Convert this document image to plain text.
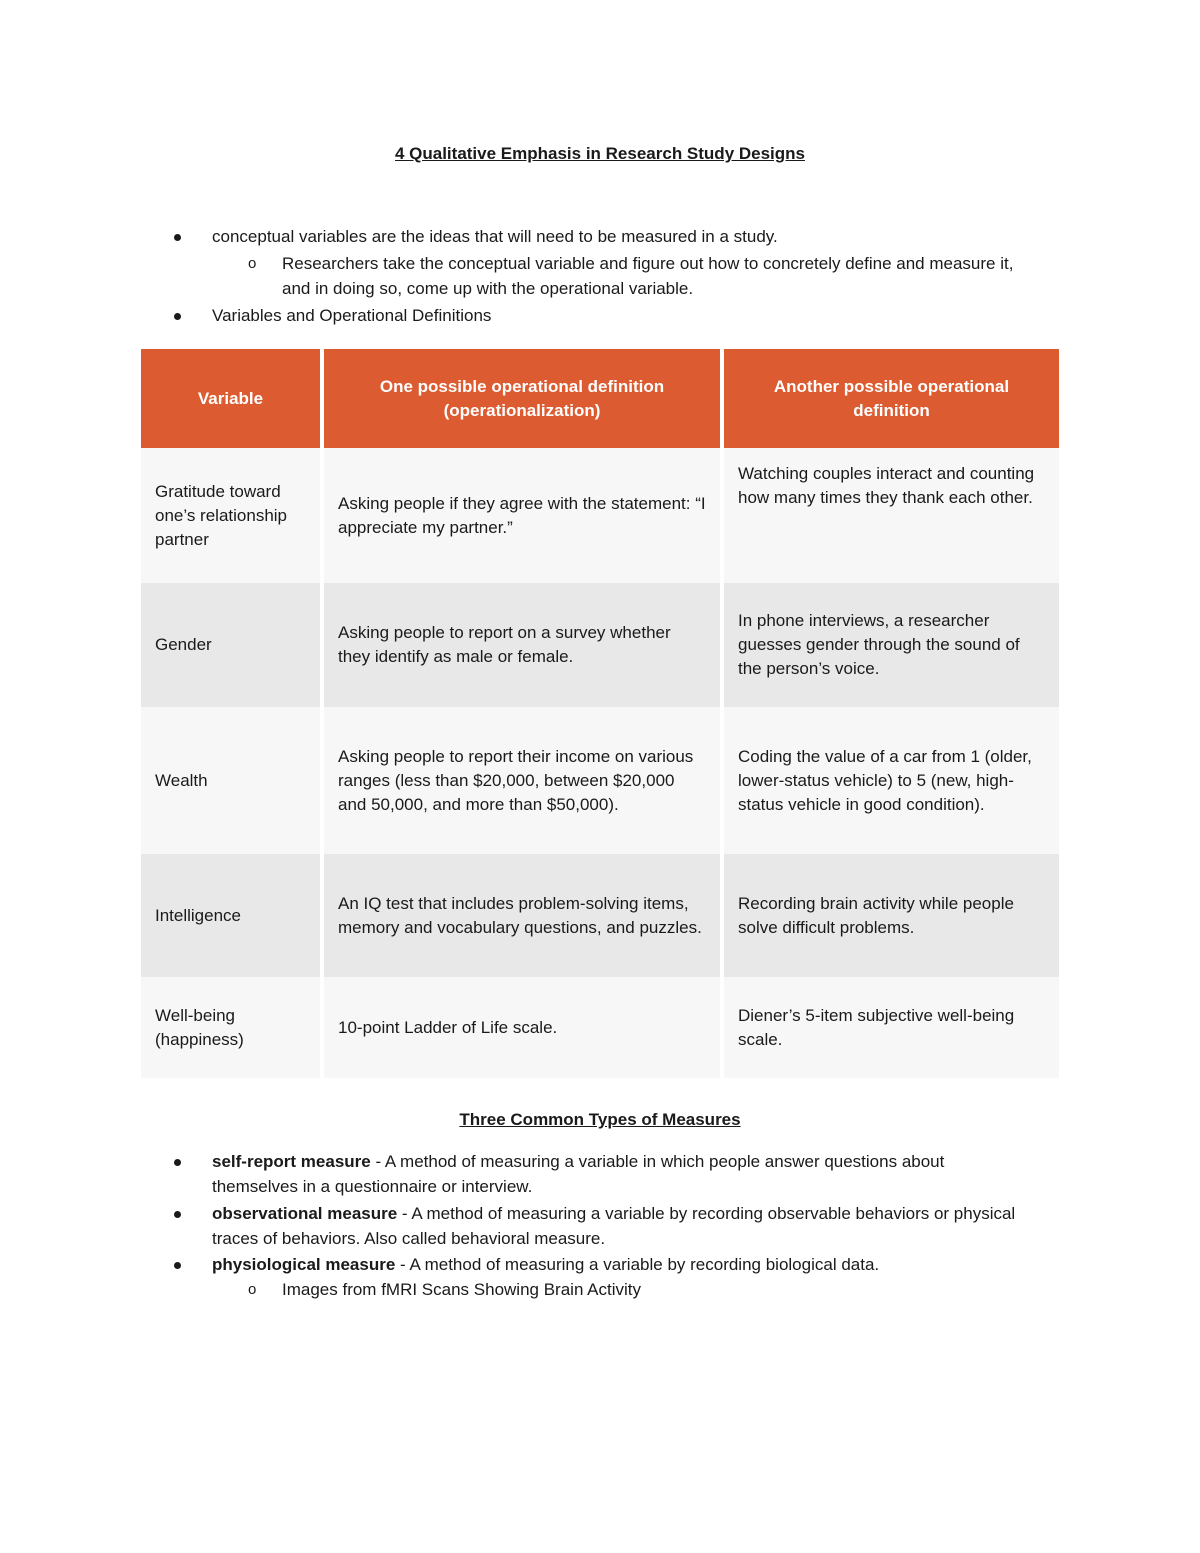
4 Qualitative Emphasis in Research Study Designs
conceptual variables are the ideas that will need to be measured in a study.
o Researchers take the conceptual variable and figure out how to concretely define and measure it,
and in doing so, come up with the operational variable.
Variables and Operational Definitions
Variable	One possible operational definition (operationalization)	Another possible operational definition
Gratitude toward one’s relationship partner	Asking people if they agree with the statement: “I appreciate my partner.”	Watching couples interact and counting how many times they thank each other.
Gender	Asking people to report on a survey whether they identify as male or female.	In phone interviews, a researcher guesses gender through the sound of the person’s voice.
Wealth	Asking people to report their income on various ranges (less than $20,000, between $20,000 and 50,000, and more than $50,000).	Coding the value of a car from 1 (older, lower-status vehicle) to 5 (new, high-status vehicle in good condition).
Intelligence	An IQ test that includes problem-solving items, memory and vocabulary questions, and puzzles.	Recording brain activity while people solve difficult problems.
Well-being (happiness)	10-point Ladder of Life scale.	Diener’s 5-item subjective well-being scale.
Three Common Types of Measures
self-report measure - A method of measuring a variable in which people answer questions about
themselves in a questionnaire or interview.
observational measure - A method of measuring a variable by recording observable behaviors or physical
traces of behaviors. Also called behavioral measure.
physiological measure - A method of measuring a variable by recording biological data.
o Images from fMRI Scans Showing Brain Activity
